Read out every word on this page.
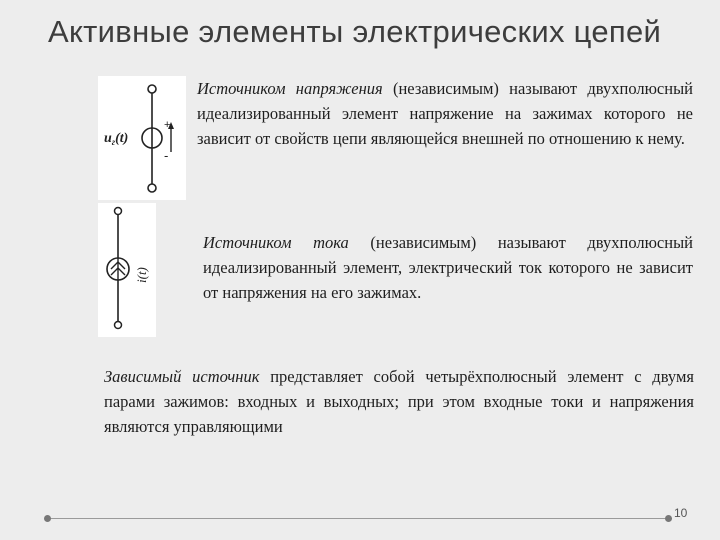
Активные элементы электрических цепей
$u_г(t)$
+
-
i(t)

Источником напряжения (независимым) называют двухполюсный идеализированный элемент напряжение на зажимах которого не зависит от свойств цепи являющейся внешней по отношению к нему.

Источником тока (независимым) называют двухполюсный идеализированный элемент, электрический ток которого не зависит от напряжения на его зажимах.

Зависимый источник представляет собой четырёхполюсный элемент с двумя парами зажимов: входных и выходных; при этом входные токи и напряжения являются управляющими

10
